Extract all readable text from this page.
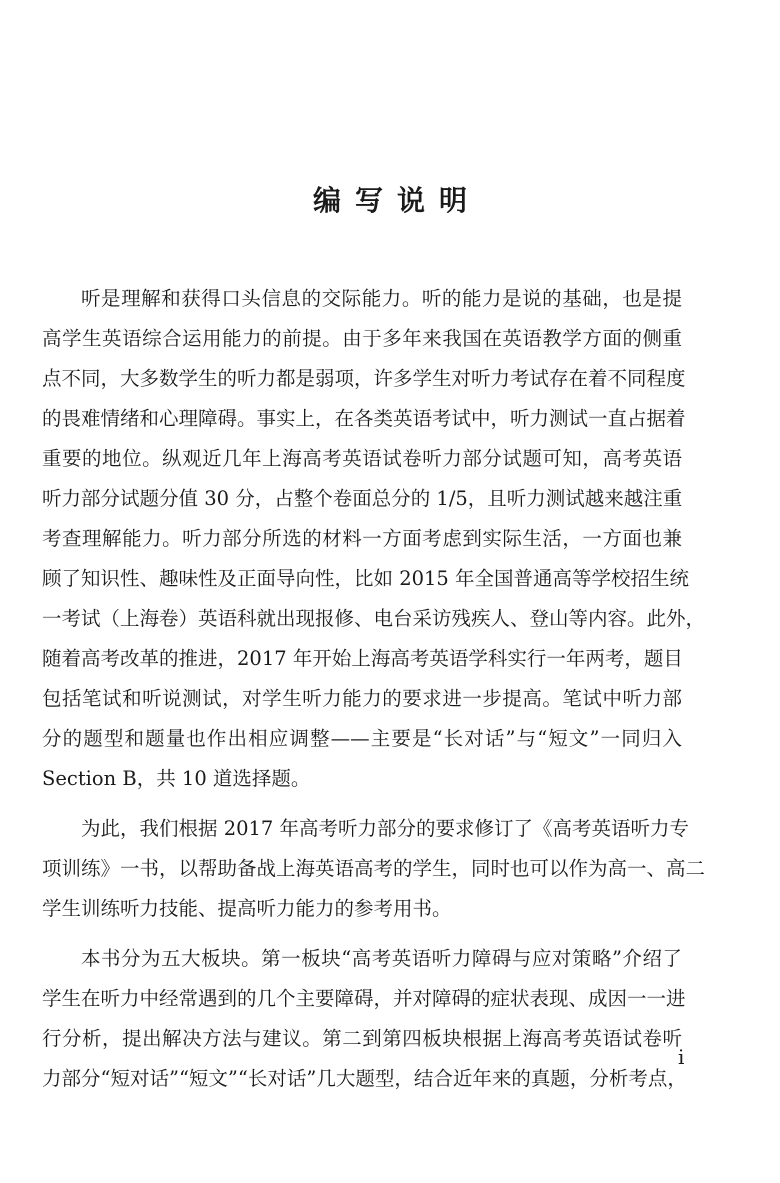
编写说明
听是理解和获得口头信息的交际能力。听的能力是说的基础，也是提
高学生英语综合运用能力的前提。由于多年来我国在英语教学方面的侧重
点不同，大多数学生的听力都是弱项，许多学生对听力考试存在着不同程度
的畏难情绪和心理障碍。事实上，在各类英语考试中，听力测试一直占据着
重要的地位。纵观近几年上海高考英语试卷听力部分试题可知，高考英语
听力部分试题分值 30 分，占整个卷面总分的 1/5，且听力测试越来越注重
考查理解能力。听力部分所选的材料一方面考虑到实际生活，一方面也兼
顾了知识性、趣味性及正面导向性，比如 2015 年全国普通高等学校招生统
一考试（上海卷）英语科就出现报修、电台采访残疾人、登山等内容。此外，
随着高考改革的推进，2017 年开始上海高考英语学科实行一年两考，题目
包括笔试和听说测试，对学生听力能力的要求进一步提高。笔试中听力部
分的题型和题量也作出相应调整——主要是“长对话”与“短文”一同归入
Section B，共 10 道选择题。
为此，我们根据 2017 年高考听力部分的要求修订了《高考英语听力专
项训练》一书，以帮助备战上海英语高考的学生，同时也可以作为高一、高二
学生训练听力技能、提高听力能力的参考用书。
本书分为五大板块。第一板块“高考英语听力障碍与应对策略”介绍了
学生在听力中经常遇到的几个主要障碍，并对障碍的症状表现、成因一一进
行分析，提出解决方法与建议。第二到第四板块根据上海高考英语试卷听
力部分“短对话”“短文”“长对话”几大题型，结合近年来的真题，分析考点，
i
